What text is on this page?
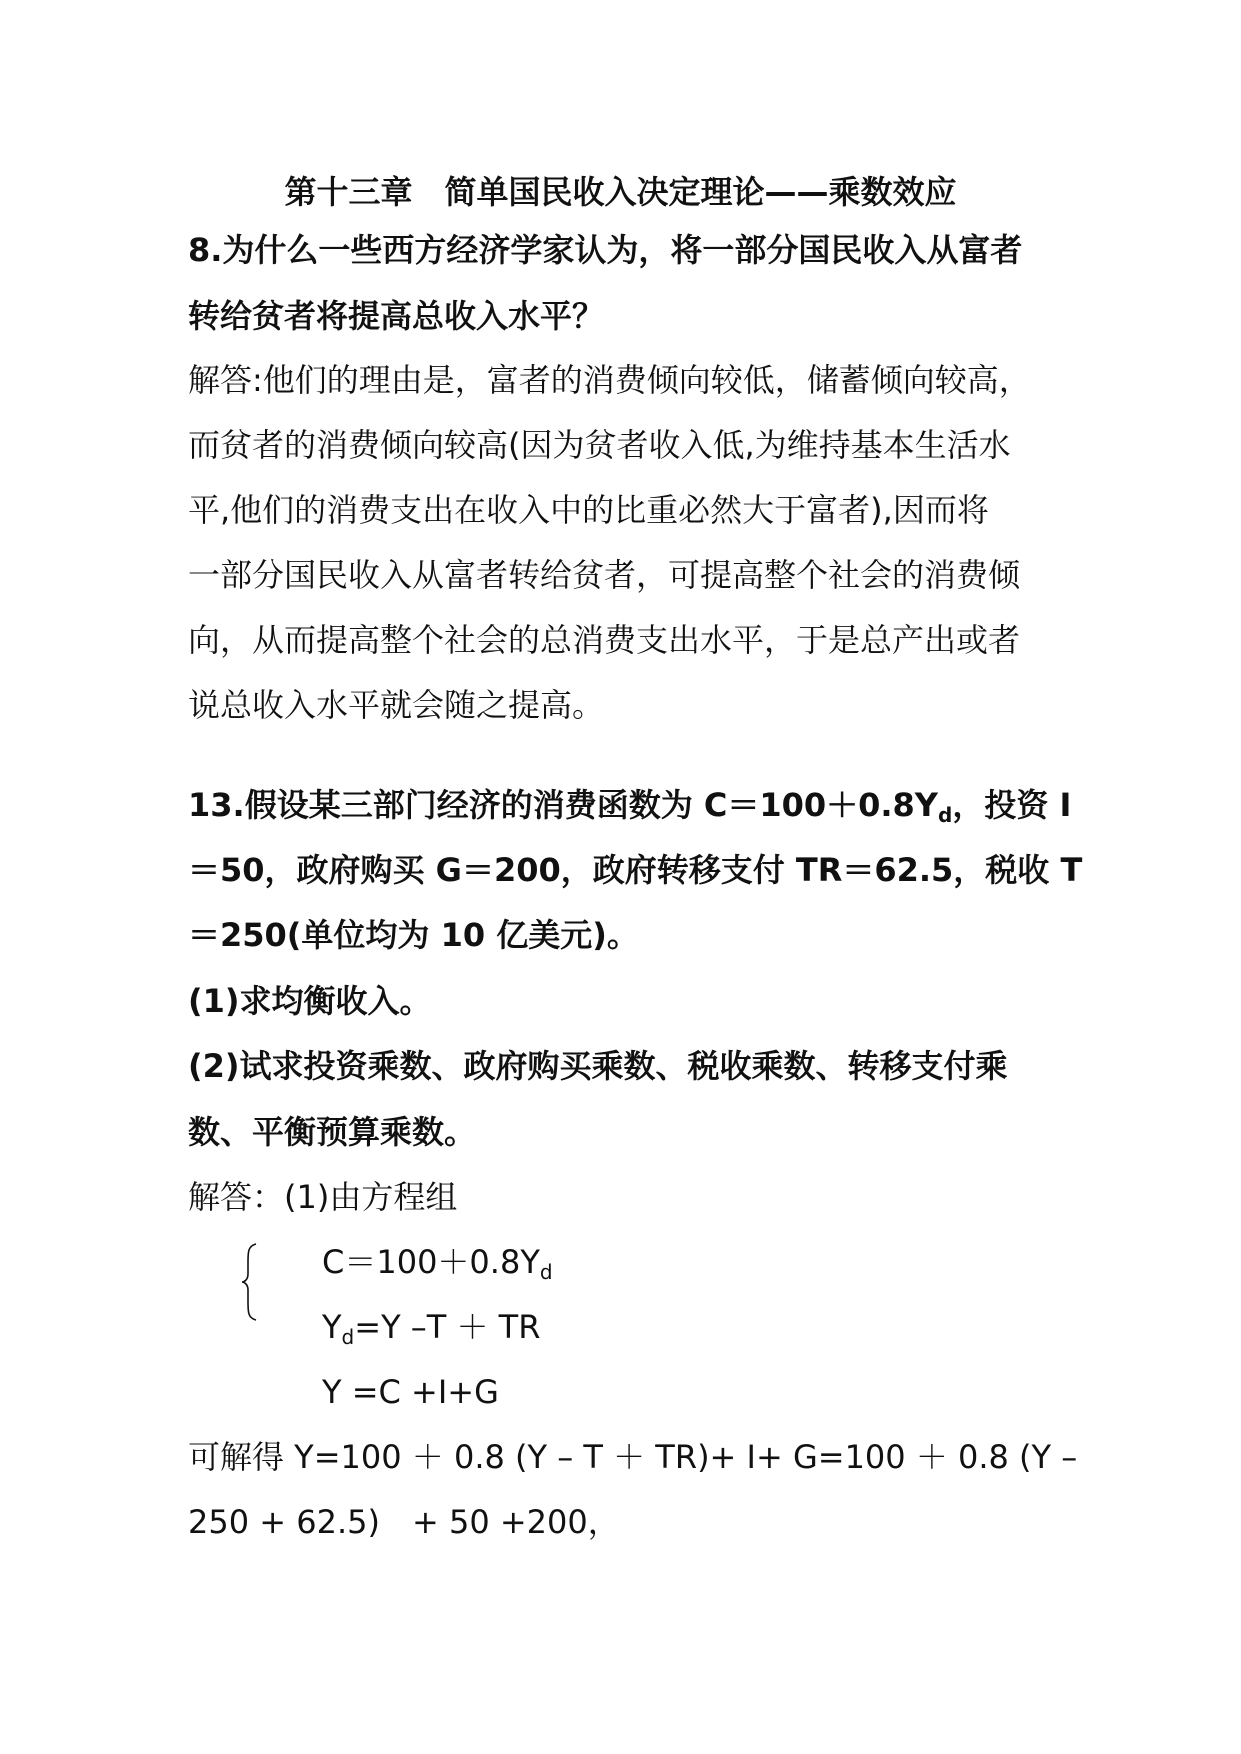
第十三章　简单国民收入决定理论——乘数效应
8.为什么一些西方经济学家认为，将一部分国民收入从富者
转给贫者将提高总收入水平？
解答:他们的理由是，富者的消费倾向较低，储蓄倾向较高，
而贫者的消费倾向较高(因为贫者收入低,为维持基本生活水
平,他们的消费支出在收入中的比重必然大于富者),因而将
一部分国民收入从富者转给贫者，可提高整个社会的消费倾
向，从而提高整个社会的总消费支出水平，于是总产出或者
说总收入水平就会随之提高。
13.假设某三部门经济的消费函数为 $C=100+0.8Y_d$，投资 I
＝50，政府购买 G＝200，政府转移支付 TR＝62.5，税收 T
＝250(单位均为 10 亿美元)。
(1)求均衡收入。
(2)试求投资乘数、政府购买乘数、税收乘数、转移支付乘
数、平衡预算乘数。
解答：(1)由方程组
$C=100+0.8Y_d$
$Y_d=Y$ –T ＋ TR
Y =C +I+G
可解得 Y=100 ＋ 0.8 (Y – T ＋ TR)+ I+ G=100 ＋ 0.8 (Y –
250 + 62.5)　+ 50 +200，
